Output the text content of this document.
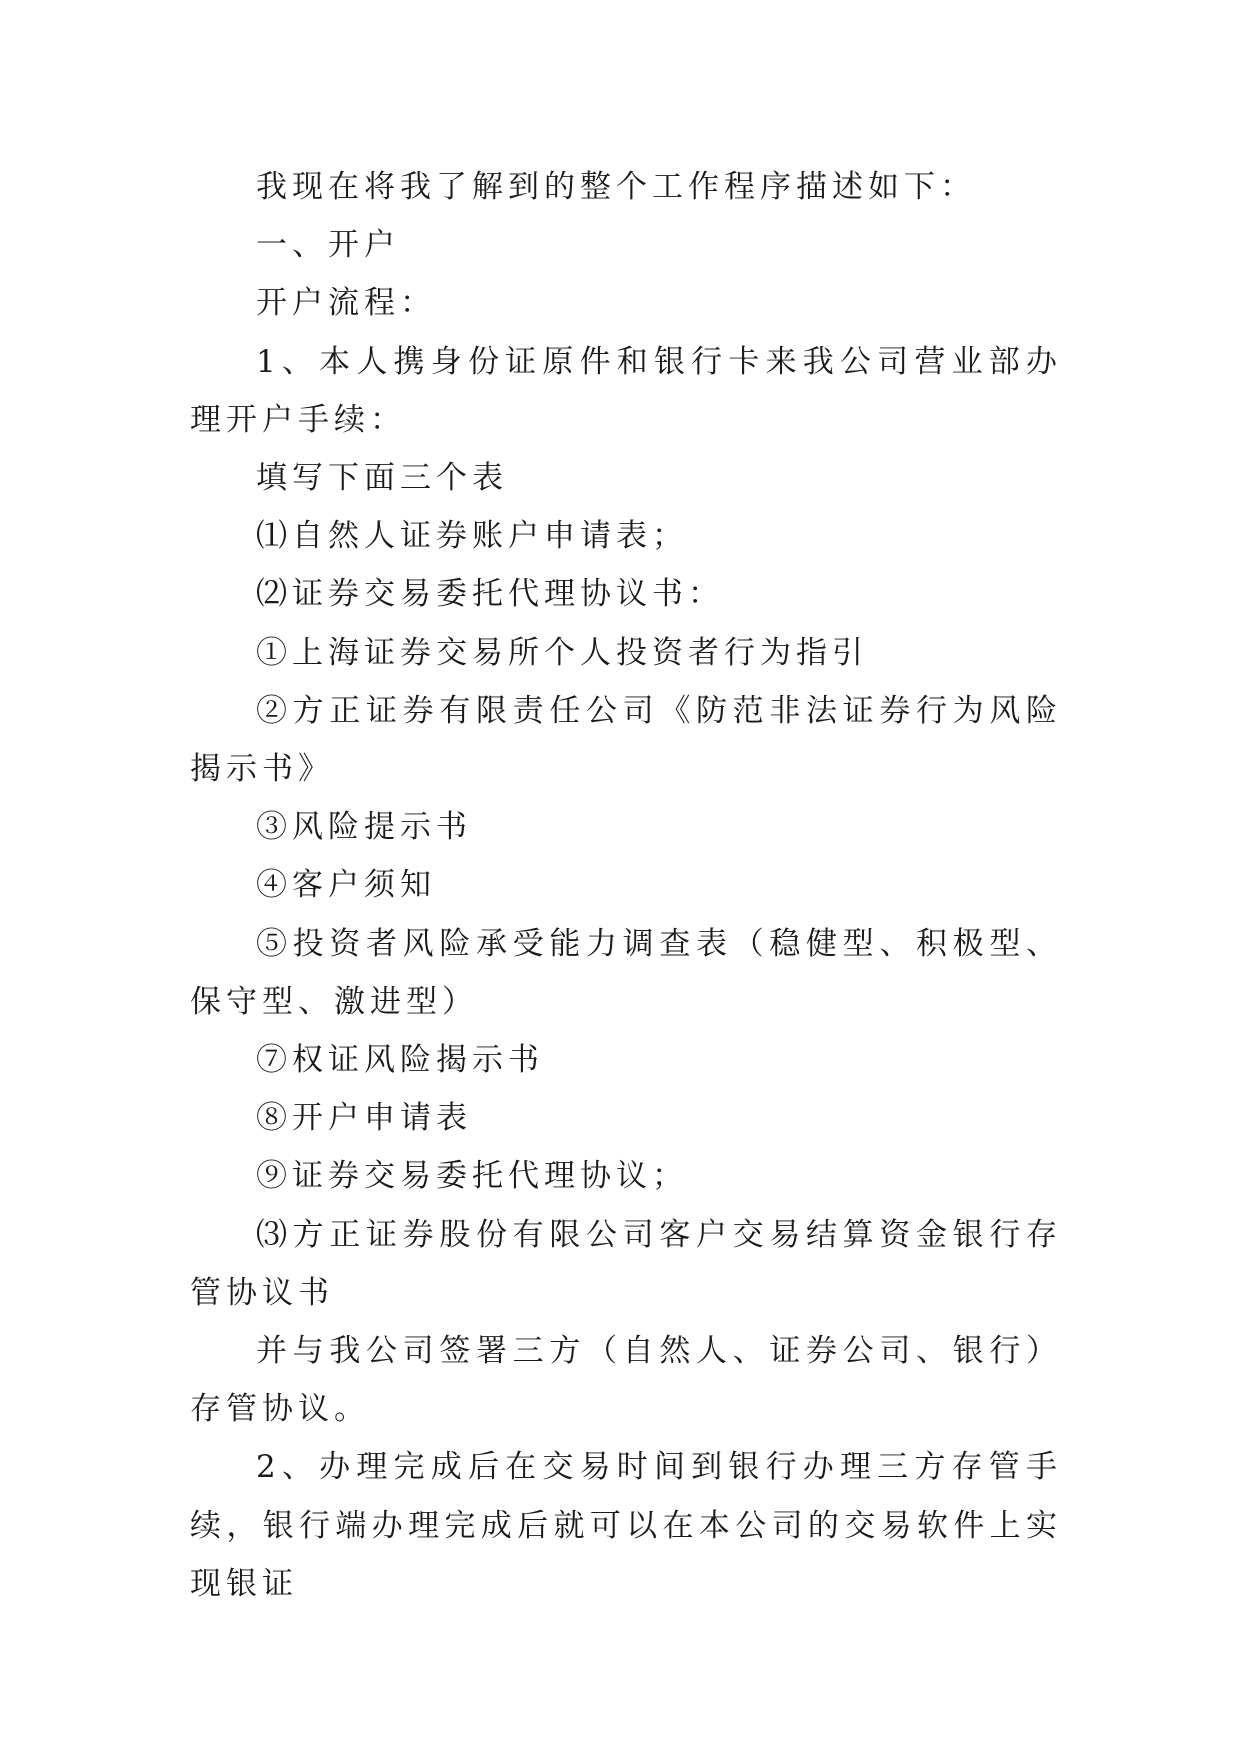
我现在将我了解到的整个工作程序描述如下：

一、开户

开户流程：

1、本人携身份证原件和银行卡来我公司营业部办理开户手续：

填写下面三个表

⑴自然人证券账户申请表；

⑵证券交易委托代理协议书：

①上海证券交易所个人投资者行为指引

②方正证券有限责任公司《防范非法证券行为风险揭示书》

③风险提示书

④客户须知

⑤投资者风险承受能力调查表（稳健型、积极型、保守型、激进型）

⑦权证风险揭示书

⑧开户申请表

⑨证券交易委托代理协议；

⑶方正证券股份有限公司客户交易结算资金银行存管协议书

并与我公司签署三方（自然人、证券公司、银行）存管协议。

2、办理完成后在交易时间到银行办理三方存管手续，银行端办理完成后就可以在本公司的交易软件上实现银证
